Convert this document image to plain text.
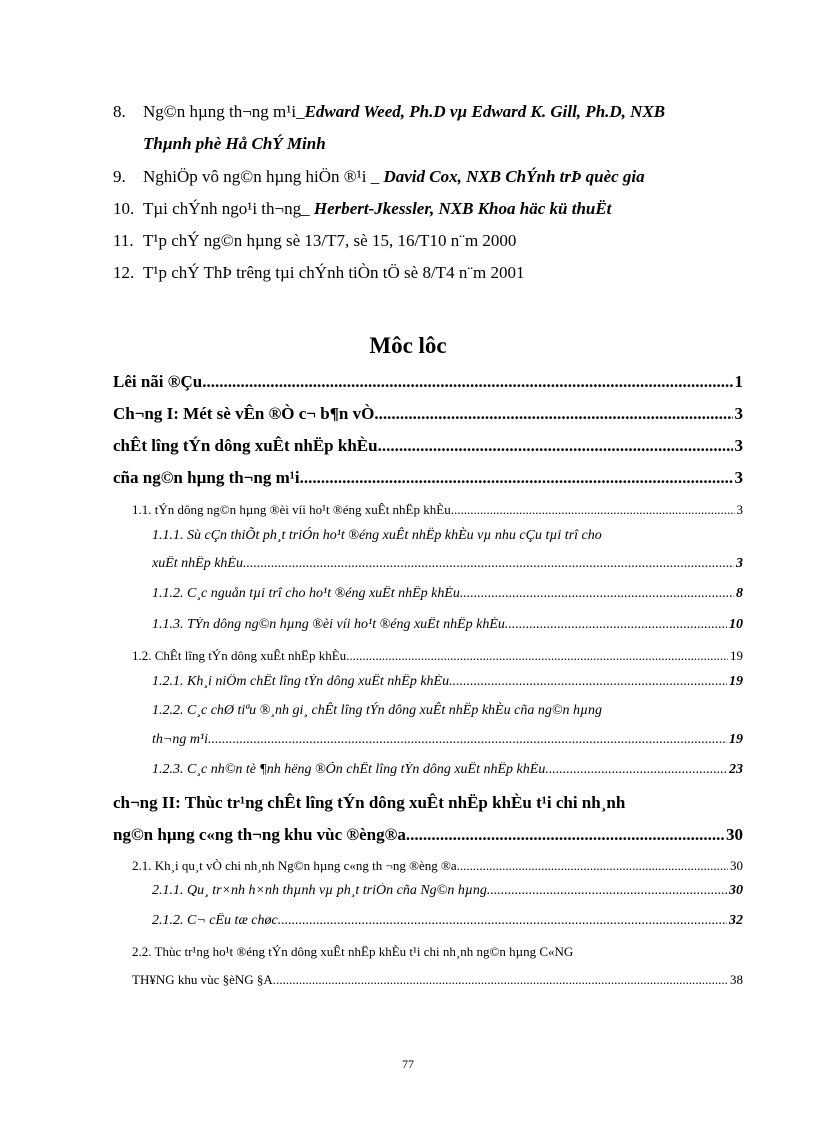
8. Ng©n hµng th¬ng m¹i_Edward Weed, Ph.D vµ Edward K. Gill, Ph.D, NXB
Thµnh phè Hå ChÝ Minh
9. NghiÖp vô ng©n hµng hiÖn ®¹i _ David Cox, NXB ChÝnh trÞ quèc gia
10. Tµi chÝnh ngo¹i th¬ng_ Herbert-Jkessler, NXB Khoa häc kü thuËt
11. T¹p chÝ ng©n hµng sè 13/T7, sè 15, 16/T10 n¨m 2000
12. T¹p chÝ ThÞ trêng tµi chÝnh tiÒn tÖ sè 8/T4 n¨m 2001
Môc lôc
Lêi nãi ®Çu .....	1
Ch¬ng I: Mét sè vÊn ®Ò c¬ b¶n vÒ .....	3
chÊt lîng tÝn dông xuÊt nhËp khÈu .....	3
cña ng©n hµng th¬ng m¹i .....	3
1.1. tÝn dông ng©n hµng ®èi víi ho¹t ®éng xuÊt nhËp khÈu .....	3
1.1.1. Sù cÇn thiÕt ph¸t triÓn ho¹t ®éng xuÊt nhËp khÈu vµ nhu cÇu tµi trî cho
xuÊt nhËp khÈu .....	3
1.1.2. C¸c nguån tµi trî cho ho¹t ®éng xuÊt nhËp khÈu .....	8
1.1.3. TÝn dông ng©n hµng ®èi víi ho¹t ®éng xuÊt nhËp khÈu .....	10
1.2. ChÊt lîng tÝn dông xuÊt nhËp khÈu .....	19
1.2.1. Kh¸i niÖm chÊt lîng tÝn dông xuÊt nhËp khÈu .....	19
1.2.2. C¸c chØ tiªu ®¸nh gi¸ chÊt lîng tÝn dông xuÊt nhËp khÈu cña ng©n hµng
th¬ng m¹i .....	19
1.2.3. C¸c nh©n tè ¶nh hëng ®Õn chÊt lîng tÝn dông xuÊt nhËp khÈu .....	23
ch¬ng II: Thùc tr¹ng chÊt lîng tÝn dông xuÊt nhËp khÈu t¹i chi nh¸nh
ng©n hµng c«ng th¬ng khu vùc ®èng®a .....	30
2.1. Kh¸i qu¸t vÒ chi nh¸nh Ng©n hµng c«ng th ¬ng ®èng ®a .....	30
2.1.1. Qu¸ tr×nh h×nh thµnh vµ ph¸t triÓn cña Ng©n hµng. .....	30
2.1.2. C¬ cÊu tæ chøc .....	32
2.2. Thùc tr¹ng ho¹t ®éng tÝn dông xuÊt nhËp khÈu t¹i chi nh¸nh ng©n hµng C«NG
TH¥NG khu vùc §èNG §A. .....	38
77
